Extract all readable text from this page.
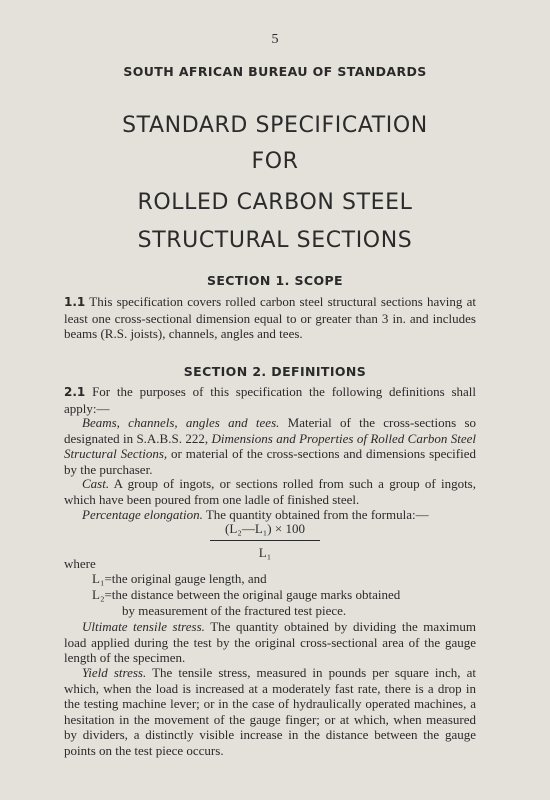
5
SOUTH AFRICAN BUREAU OF STANDARDS
STANDARD SPECIFICATION
FOR
ROLLED CARBON STEEL
STRUCTURAL SECTIONS
SECTION 1. SCOPE

1.1 This specification covers rolled carbon steel structural sections having at least one cross-sectional dimension equal to or greater than 3 in. and includes beams (R.S. joists), channels, angles and tees.

SECTION 2. DEFINITIONS

2.1 For the purposes of this specification the following definitions shall apply:—

Beams, channels, angles and tees. Material of the cross-sections so designated in S.A.B.S. 222, Dimensions and Properties of Rolled Carbon Steel Structural Sections, or material of the cross-sections and dimensions specified by the purchaser.

Cast. A group of ingots, or sections rolled from such a group of ingots, which have been poured from one ladle of finished steel.

Percentage elongation. The quantity obtained from the formula:—

$\frac{\text{(L₂—L₁) × 100}}{\text{L₁}}$
where

L₁=the original gauge length, and

L₂=the distance between the original gauge marks obtained
by measurement of the fractured test piece.

Ultimate tensile stress. The quantity obtained by dividing the maximum load applied during the test by the original cross-sectional area of the gauge length of the specimen.

Yield stress. The tensile stress, measured in pounds per square inch, at which, when the load is increased at a moderately fast rate, there is a drop in the testing machine lever; or in the case of hydraulically operated machines, a hesitation in the movement of the gauge finger; or at which, when measured by dividers, a distinctly visible increase in the distance between the gauge points on the test piece occurs.
